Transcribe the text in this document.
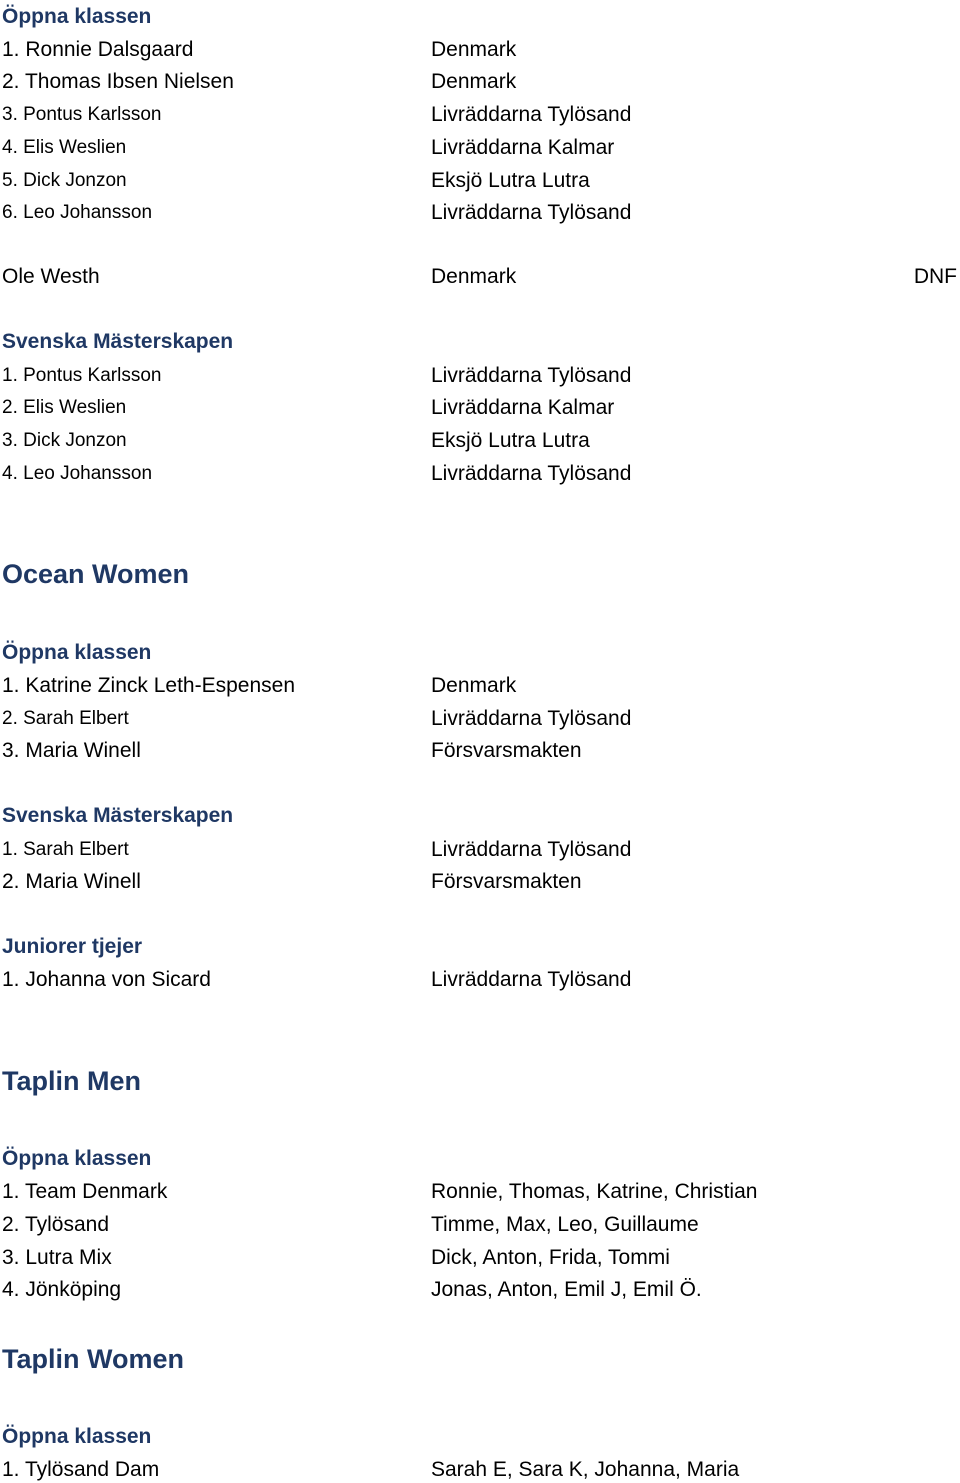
Öppna klassen
1. Ronnie Dalsgaard	Denmark
2. Thomas Ibsen Nielsen	Denmark
3. Pontus Karlsson	Livräddarna Tylösand
4. Elis Weslien	Livräddarna Kalmar
5. Dick Jonzon	Eksjö Lutra Lutra
6. Leo Johansson	Livräddarna Tylösand
Ole Westh	Denmark	DNF
Svenska Mästerskapen
1. Pontus Karlsson	Livräddarna Tylösand
2. Elis Weslien	Livräddarna Kalmar
3. Dick Jonzon	Eksjö Lutra Lutra
4. Leo Johansson	Livräddarna Tylösand
Ocean Women
Öppna klassen
1. Katrine Zinck Leth-Espensen	Denmark
2. Sarah Elbert	Livräddarna Tylösand
3. Maria Winell	Försvarsmakten
Svenska Mästerskapen
1. Sarah Elbert	Livräddarna Tylösand
2. Maria Winell	Försvarsmakten
Juniorer tjejer
1. Johanna von Sicard	Livräddarna Tylösand
Taplin Men
Öppna klassen
1. Team Denmark	Ronnie, Thomas, Katrine, Christian
2. Tylösand	Timme, Max, Leo, Guillaume
3. Lutra Mix	Dick, Anton, Frida, Tommi
4. Jönköping	Jonas, Anton, Emil J, Emil Ö.
Taplin Women
Öppna klassen
1. Tylösand Dam	Sarah E, Sara K, Johanna, Maria
